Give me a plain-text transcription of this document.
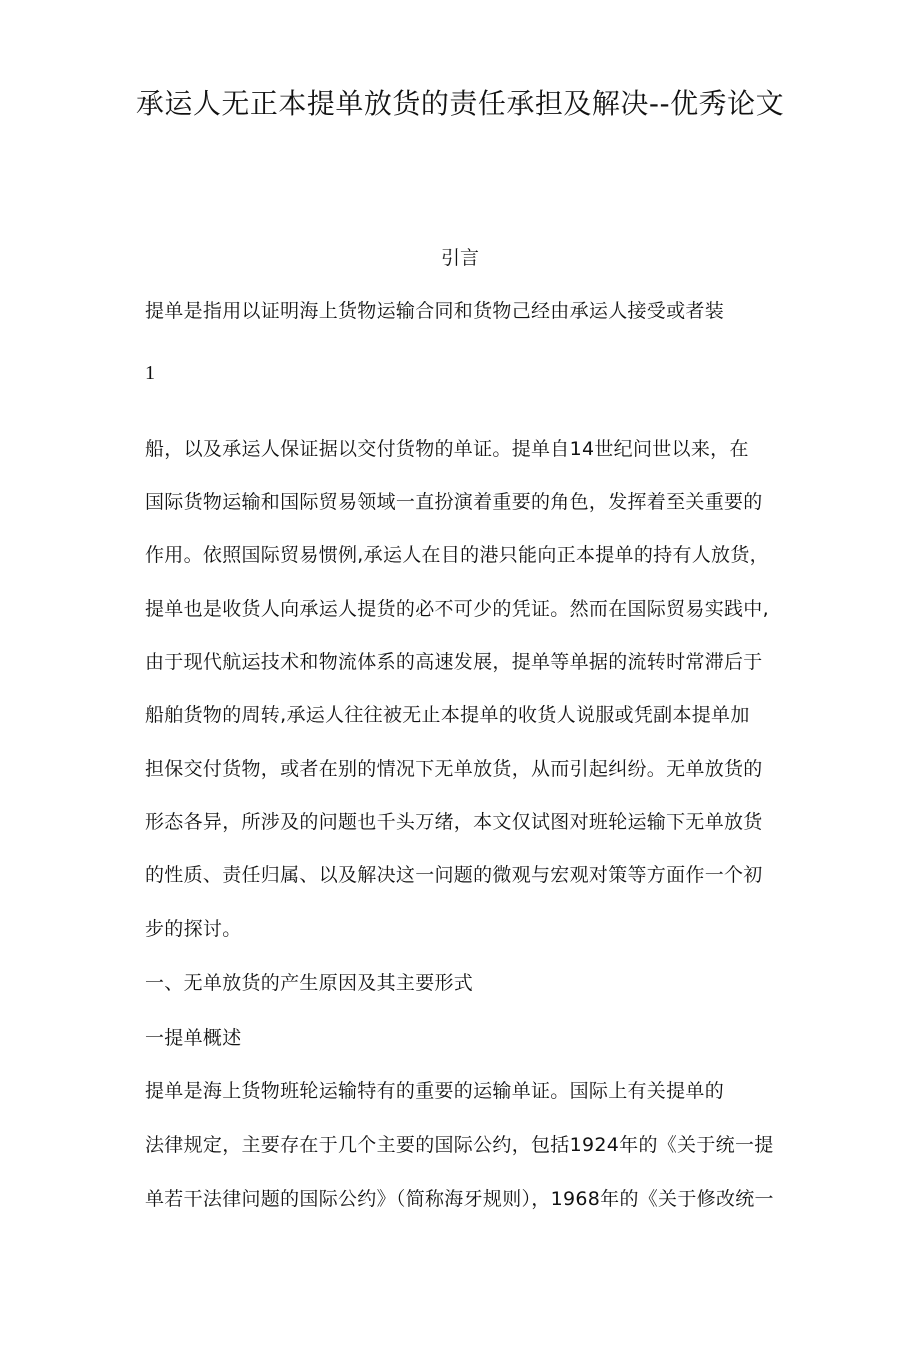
承运人无正本提单放货的责任承担及解决--优秀论文
引言
提单是指用以证明海上货物运输合同和货物己经由承运人接受或者装
1
船，以及承运人保证据以交付货物的单证。提单自14世纪问世以来，在
国际货物运输和国际贸易领域一直扮演着重要的角色，发挥着至关重要的
作用。依照国际贸易惯例,承运人在目的港只能向正本提单的持有人放货，
提单也是收货人向承运人提货的必不可少的凭证。然而在国际贸易实践中,
由于现代航运技术和物流体系的高速发展，提单等单据的流转时常滞后于
船舶货物的周转,承运人往往被无止本提单的收货人说服或凭副本提单加
担保交付货物，或者在别的情况下无单放货，从而引起纠纷。无单放货的
形态各异，所涉及的问题也千头万绪，本文仅试图对班轮运输下无单放货
的性质、责任归属、以及解决这一问题的微观与宏观对策等方面作一个初
步的探讨。
一、无单放货的产生原因及其主要形式
一提单概述
提单是海上货物班轮运输特有的重要的运输单证。国际上有关提单的
法律规定，主要存在于几个主要的国际公约，包括1924年的《关于统一提
单若干法律问题的国际公约》（简称海牙规则），1968年的《关于修改统一
